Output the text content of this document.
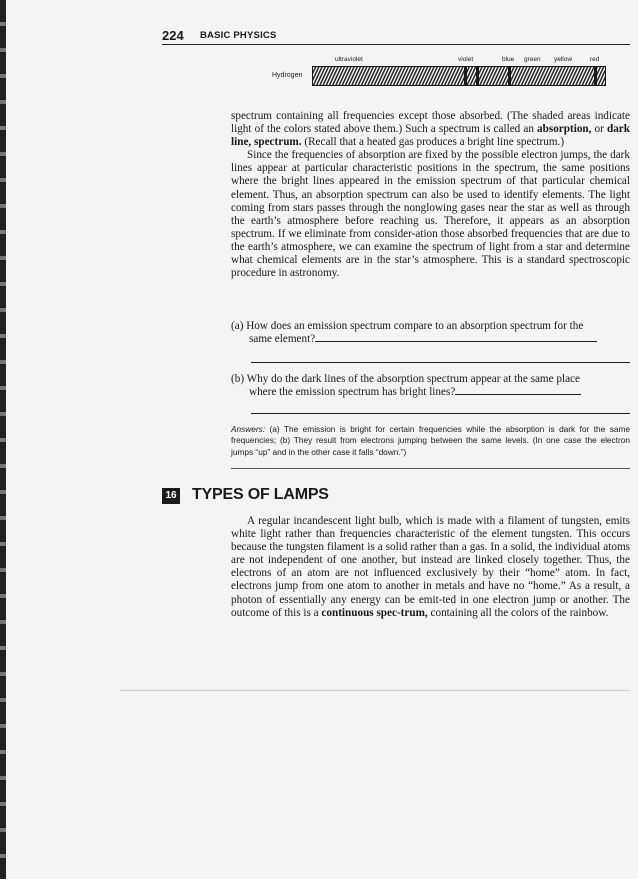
224 BASIC PHYSICS
ultraviolet	violet	blue green yellow	red
Hydrogen

spectrum containing all frequencies except those absorbed. (The shaded areas indicate light of the colors stated above them.) Such a spectrum is called an absorption, or dark line, spectrum. (Recall that a heated gas produces a bright line spectrum.)

Since the frequencies of absorption are fixed by the possible electron jumps, the dark lines appear at particular characteristic positions in the spectrum, the same positions where the bright lines appeared in the emission spectrum of that particular chemical element. Thus, an absorption spectrum can also be used to identify elements. The light coming from stars passes through the nonglowing gases near the star as well as through the earth’s atmosphere before reaching us. Therefore, it appears as an absorption spectrum. If we eliminate from consider-ation those absorbed frequencies that are due to the earth’s atmosphere, we can examine the spectrum of light from a star and determine what chemical elements are in the star’s atmosphere. This is a standard spectroscopic procedure in astronomy.

(a) How does an emission spectrum compare to an absorption spectrum for the
same element?
(b) Why do the dark lines of the absorption spectrum appear at the same place
where the emission spectrum has bright lines?
Answers: (a) The emission is bright for certain frequencies while the absorption is dark for the same frequencies; (b) They result from electrons jumping between the same levels. (In one case the electron jumps “up” and in the other case it falls “down.”)
16 TYPES OF LAMPS

A regular incandescent light bulb, which is made with a filament of tungsten, emits white light rather than frequencies characteristic of the element tungsten. This occurs because the tungsten filament is a solid rather than a gas. In a solid, the individual atoms are not independent of one another, but instead are linked closely together. Thus, the electrons of an atom are not influenced exclusively by their “home” atom. In fact, electrons jump from one atom to another in metals and have no “home.” As a result, a photon of essentially any energy can be emit-ted in one electron jump or another. The outcome of this is a continuous spec-trum, containing all the colors of the rainbow.
